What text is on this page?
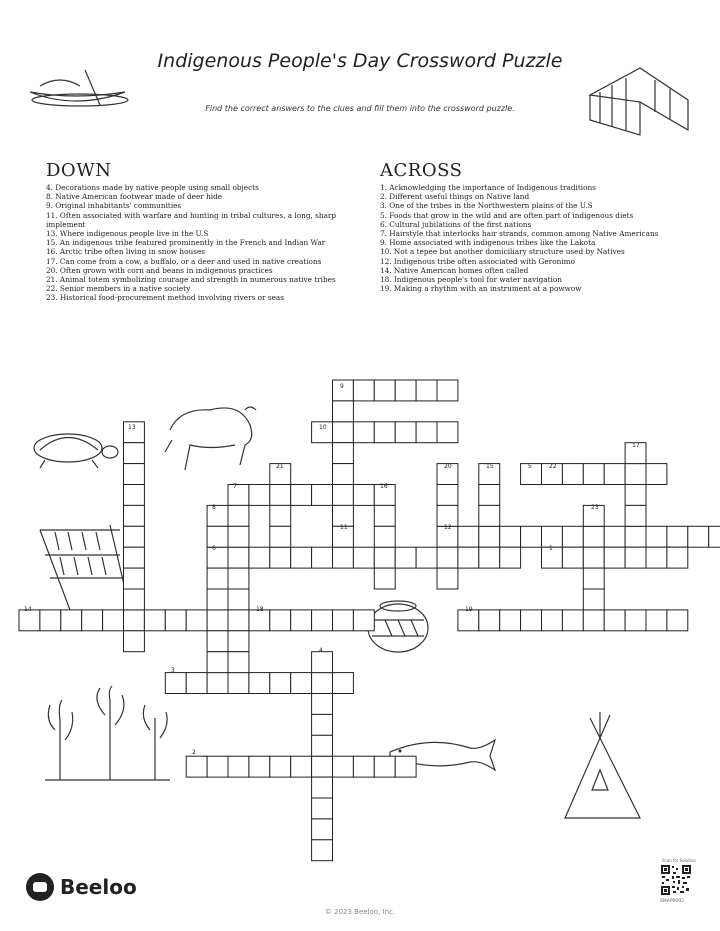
Indigenous People's Day Crossword Puzzle
Find the correct answers to the clues and fill them into the crossword puzzle.
DOWN
4. Decorations made by native people using small objects
8. Native American footwear made of deer hide
9. Original inhabitants' communities
11. Often associated with warfare and hunting in tribal cultures, a long, sharp implement
13. Where indigenous people live in the U.S
15. An indigenous tribe featured prominently in the French and Indian War
16. Arctic tribe often living in snow houses
17. Can come from a cow, a buffalo, or a deer and used in native creations
20. Often grown with corn and beans in indigenous practices
21. Animal totem symbolizing courage and strength in numerous native tribes
22. Senior members in a native society
23. Historical food-procurement method involving rivers or seas
ACROSS
1. Acknowledging the importance of Indigenous traditions
2. Different useful things on Native land
3. One of the tribes in the Northwestern plains of the U.S
5. Foods that grow in the wild and are often part of indigenous diets
6. Cultural jubilations of the first nations
7. Hairstyle that interlocks hair strands, common among Native Americans
9. Home associated with indigenous tribes like the Lakota
10. Not a tepee but another domiciliary structure used by Natives
12. Indigenous tribe often associated with Geronimo
14. Native American homes often called
18. Indigenous people's tool for water navigation
19. Making a rhythm with an instrument at a powwow
9
13	10
17
21	20	15	5	22
7	16
8	23
11	12
6	1
14	18	19
4
3
2
Beeloo
© 2023 Beeloo, Inc.
Scan for Solution
SMAP0092
